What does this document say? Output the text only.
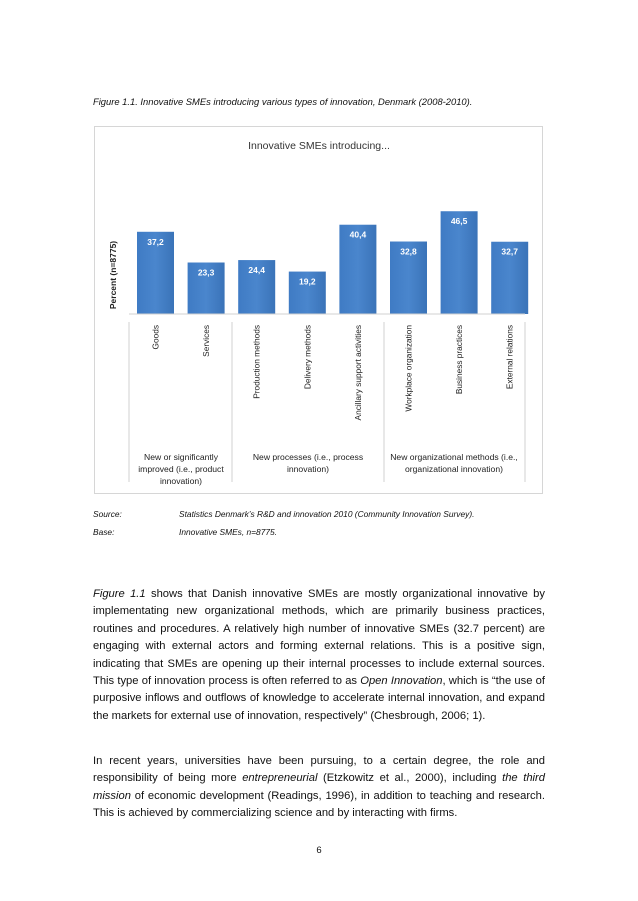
Figure 1.1. Innovative SMEs introducing various types of innovation, Denmark (2008-2010).
Innovative SMEs introducing...
Percent (n=8775)	37,2
Goods
23,3
Services
24,4
Production methods
19,2
Delivery methods
40,4
Ancillary support activities
32,8
Workplace organization
46,5
Business practices
32,7
External relations
New or significantly
improved (i.e., product
innovation)
New processes (i.e., process
innovation)
New organizational methods (i.e.,
organizational innovation)
Source:	Statistics Denmark’s R&D and innovation 2010 (Community Innovation Survey).
Base:	Innovative SMEs, n=8775.

Figure 1.1 shows that Danish innovative SMEs are mostly organizational innovative by implementating new organizational methods, which are primarily business practices, routines and procedures. A relatively high number of innovative SMEs (32.7 percent) are engaging with external actors and forming external relations. This is a positive sign, indicating that SMEs are opening up their internal processes to include external sources. This type of innovation process is often referred to as Open Innovation, which is “the use of purposive inflows and outflows of knowledge to accelerate internal innovation, and expand the markets for external use of innovation, respectively” (Chesbrough, 2006; 1).

In recent years, universities have been pursuing, to a certain degree, the role and responsibility of being more entrepreneurial (Etzkowitz et al., 2000), including the third mission of economic development (Readings, 1996), in addition to teaching and research. This is achieved by commercializing science and by interacting with firms.

6
